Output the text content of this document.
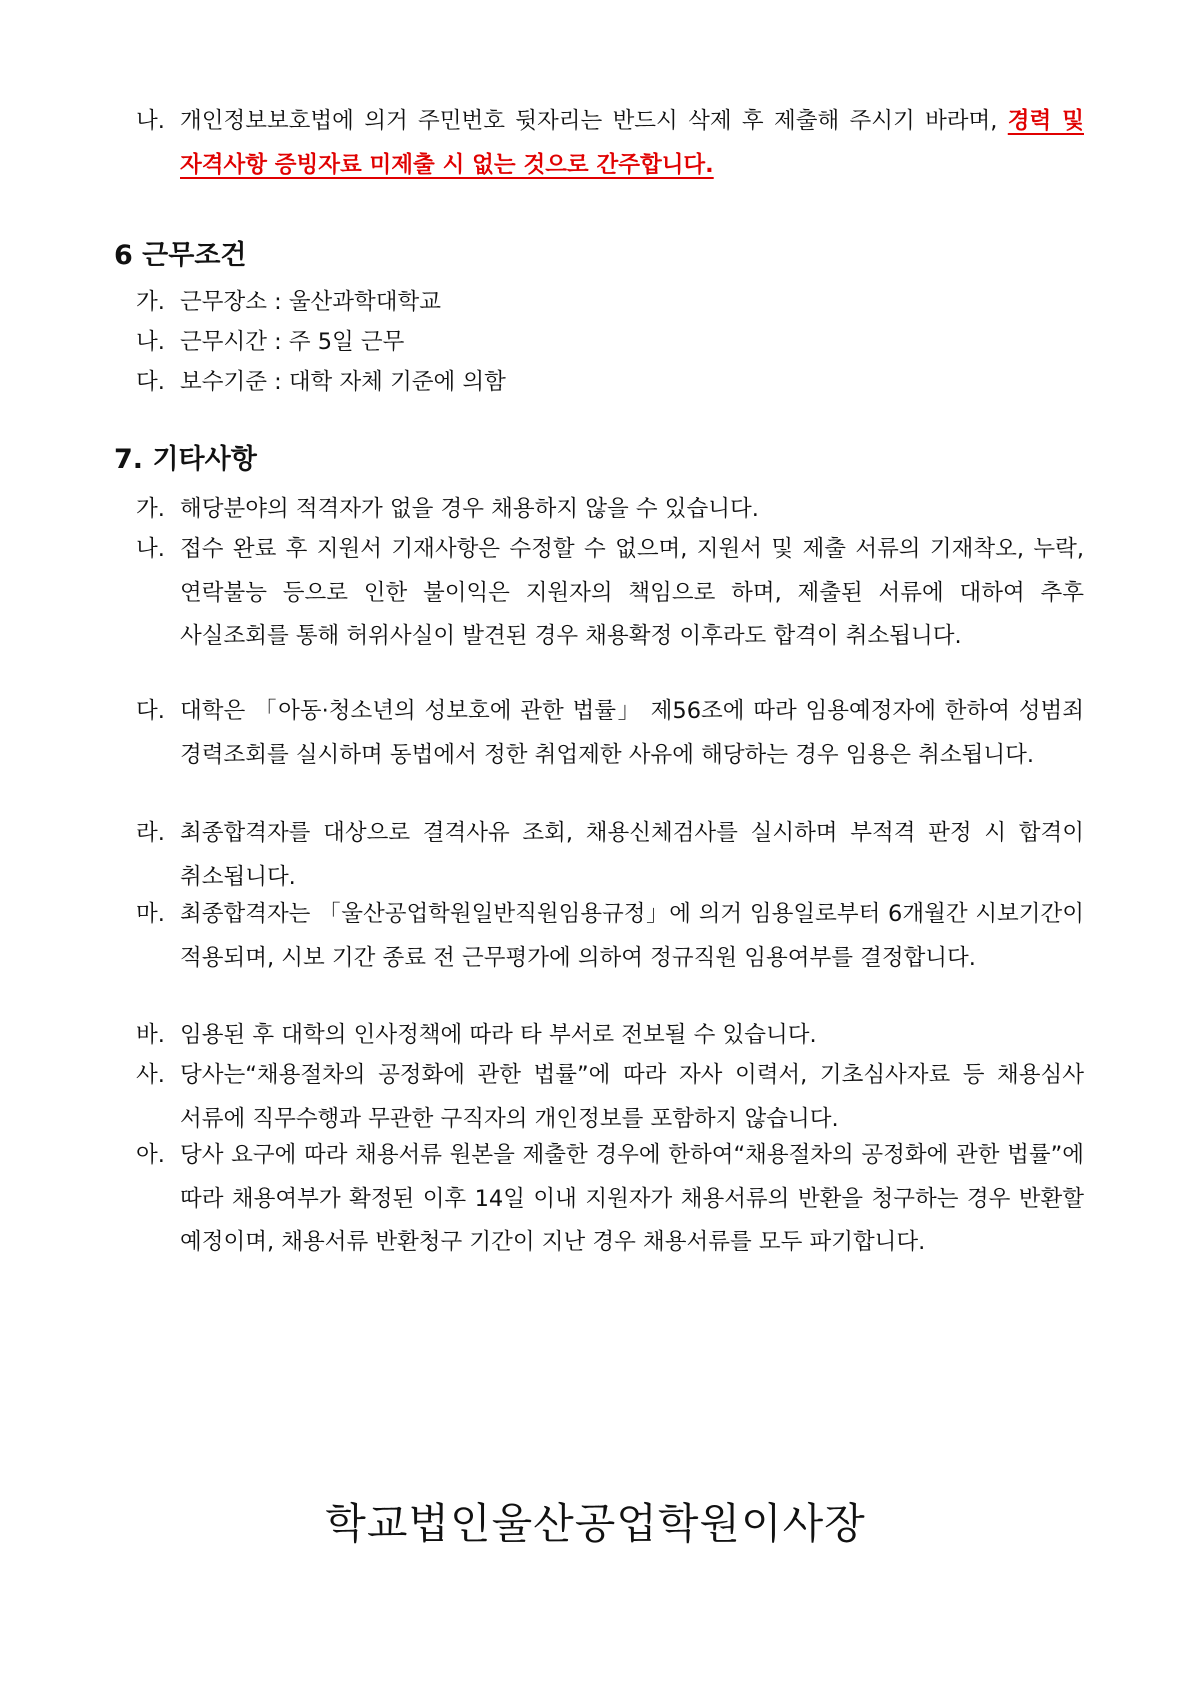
나. 개인정보보호법에 의거 주민번호 뒷자리는 반드시 삭제 후 제출해 주시기 바라며, 경력 및 자격사항 증빙자료 미제출 시 없는 것으로 간주합니다.
6 근무조건
가. 근무장소 : 울산과학대학교
나. 근무시간 : 주 5일 근무
다. 보수기준 : 대학 자체 기준에 의함
7. 기타사항
가. 해당분야의 적격자가 없을 경우 채용하지 않을 수 있습니다.
나. 접수 완료 후 지원서 기재사항은 수정할 수 없으며, 지원서 및 제출 서류의 기재착오, 누락, 연락불능 등으로 인한 불이익은 지원자의 책임으로 하며, 제출된 서류에 대하여 추후 사실조회를 통해 허위사실이 발견된 경우 채용확정 이후라도 합격이 취소됩니다.
다. 대학은 「아동·청소년의 성보호에 관한 법률」 제56조에 따라 임용예정자에 한하여 성범죄 경력조회를 실시하며 동법에서 정한 취업제한 사유에 해당하는 경우 임용은 취소됩니다.
라. 최종합격자를 대상으로 결격사유 조회, 채용신체검사를 실시하며 부적격 판정 시 합격이 취소됩니다.
마. 최종합격자는 「울산공업학원일반직원임용규정」에 의거 임용일로부터 6개월간 시보기간이 적용되며, 시보 기간 종료 전 근무평가에 의하여 정규직원 임용여부를 결정합니다.
바. 임용된 후 대학의 인사정책에 따라 타 부서로 전보될 수 있습니다.
사. 당사는“채용절차의 공정화에 관한 법률”에 따라 자사 이력서, 기초심사자료 등 채용심사 서류에 직무수행과 무관한 구직자의 개인정보를 포함하지 않습니다.
아. 당사 요구에 따라 채용서류 원본을 제출한 경우에 한하여“채용절차의 공정화에 관한 법률”에 따라 채용여부가 확정된 이후 14일 이내 지원자가 채용서류의 반환을 청구하는 경우 반환할 예정이며, 채용서류 반환청구 기간이 지난 경우 채용서류를 모두 파기합니다.
학교법인울산공업학원이사장
